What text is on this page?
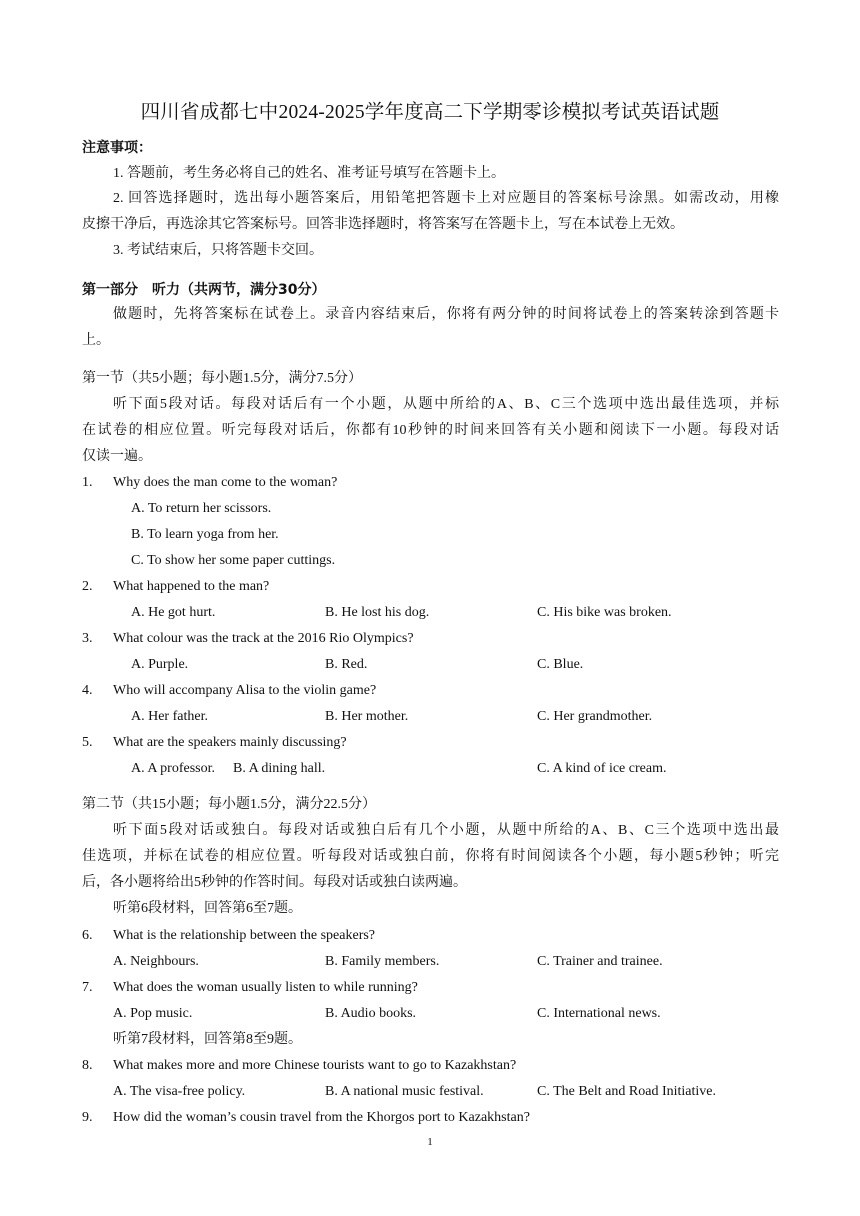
四川省成都七中2024-2025学年度高二下学期零诊模拟考试英语试题
注意事项：
1. 答题前，考生务必将自己的姓名、准考证号填写在答题卡上。
2. 回答选择题时，选出每小题答案后，用铅笔把答题卡上对应题目的答案标号涂黑。如需改动，用橡
皮擦干净后，再选涂其它答案标号。回答非选择题时，将答案写在答题卡上，写在本试卷上无效。
3. 考试结束后，只将答题卡交回。
第一部分　听力（共两节，满分30分）
做题时，先将答案标在试卷上。录音内容结束后，你将有两分钟的时间将试卷上的答案转涂到答题卡
上。
第一节（共5小题；每小题1.5分，满分7.5分）
听下面5段对话。每段对话后有一个小题，从题中所给的A、B、C三个选项中选出最佳选项，并标
在试卷的相应位置。听完每段对话后，你都有10秒钟的时间来回答有关小题和阅读下一小题。每段对话
仅读一遍。
1. Why does the man come to the woman?
A. To return her scissors.
B. To learn yoga from her.
C. To show her some paper cuttings.
2. What happened to the man?
A. He got hurt.	B. He lost his dog.	C. His bike was broken.
3. What colour was the track at the 2016 Rio Olympics?
A. Purple.	B. Red.	C. Blue.
4. Who will accompany Alisa to the violin game?
A. Her father.	B. Her mother.	C. Her grandmother.
5. What are the speakers mainly discussing?
A. A professor. B. A dining hall.	C. A kind of ice cream.
第二节（共15小题；每小题1.5分，满分22.5分）
听下面5段对话或独白。每段对话或独白后有几个小题，从题中所给的A、B、C三个选项中选出最
佳选项，并标在试卷的相应位置。听每段对话或独白前，你将有时间阅读各个小题，每小题5秒钟；听完
后，各小题将给出5秒钟的作答时间。每段对话或独白读两遍。
听第6段材料，回答第6至7题。
6. What is the relationship between the speakers?
A. Neighbours.	B. Family members.	C. Trainer and trainee.
7. What does the woman usually listen to while running?
A. Pop music.	B. Audio books.	C. International news.
听第7段材料，回答第8至9题。
8. What makes more and more Chinese tourists want to go to Kazakhstan?
A. The visa-free policy.	B. A national music festival.	C. The Belt and Road Initiative.
9. How did the woman’s cousin travel from the Khorgos port to Kazakhstan?
1
